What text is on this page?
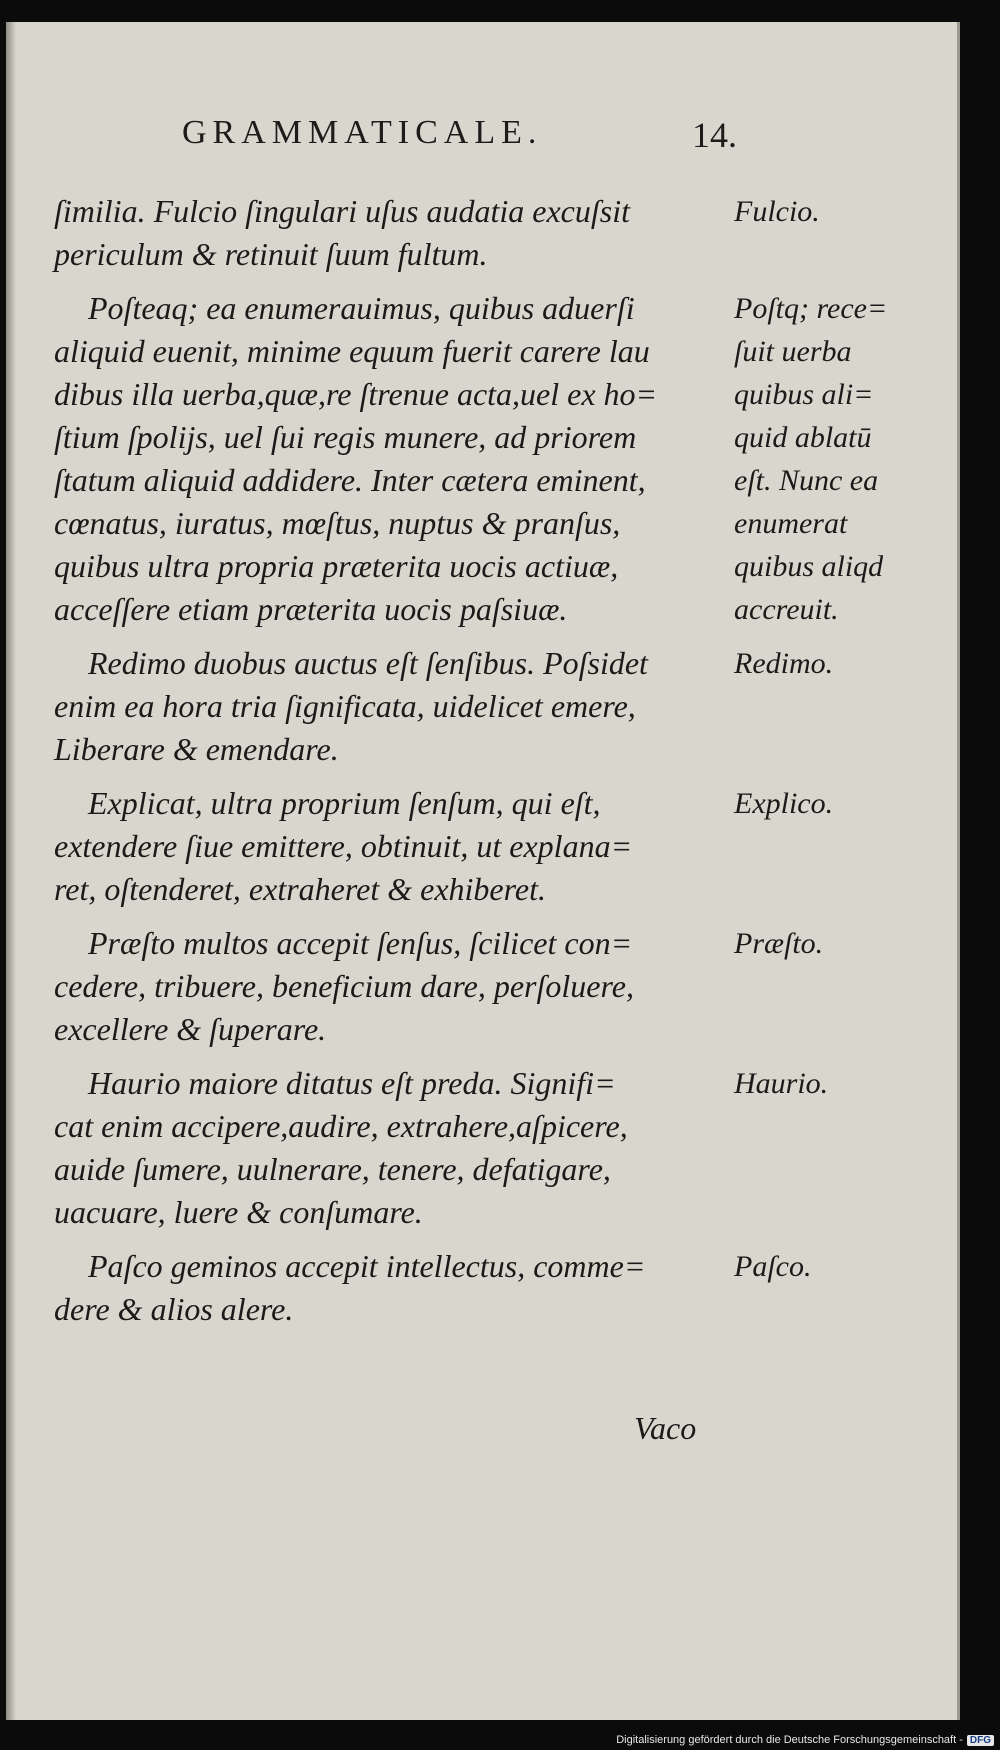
GRAMMATICALE.	14.
ſimilia. Fulcio ſingulari uſus audatia excuſsit
periculum & retinuit ſuum fultum.
Poſteaq; ea enumerauimus, quibus aduerſi
aliquid euenit, minime equum fuerit carere lau
dibus illa uerba,quæ,re ſtrenue acta,uel ex ho=
ſtium ſpolijs, uel ſui regis munere, ad priorem
ſtatum aliquid addidere. Inter cætera eminent,
cœnatus, iuratus, mœſtus, nuptus & pranſus,
quibus ultra propria præterita uocis actiuæ,
acceſſere etiam præterita uocis paſsiuæ.
Redimo duobus auctus eſt ſenſibus. Poſsidet
enim ea hora tria ſignificata, uidelicet emere,
Liberare & emendare.
Explicat, ultra proprium ſenſum, qui eſt,
extendere ſiue emittere, obtinuit, ut explana=
ret, oſtenderet, extraheret & exhiberet.
Præſto multos accepit ſenſus, ſcilicet con=
cedere, tribuere, beneficium dare, perſoluere,
excellere & ſuperare.
Haurio maiore ditatus eſt preda. Signifi=
cat enim accipere,audire, extrahere,aſpicere,
auide ſumere, uulnerare, tenere, defatigare,
uacuare, luere & conſumare.
Paſco geminos accepit intellectus, comme=
dere & alios alere.
Fulcio.
Poſtq; rece=
ſuit uerba
quibus ali=
quid ablatū
eſt. Nunc ea
enumerat
quibus aliqd
accreuit.
Redimo.
Explico.
Præſto.
Haurio.
Paſco.
Vaco
Digitalisierung gefördert durch die Deutsche Forschungsgemeinschaft - DFG
